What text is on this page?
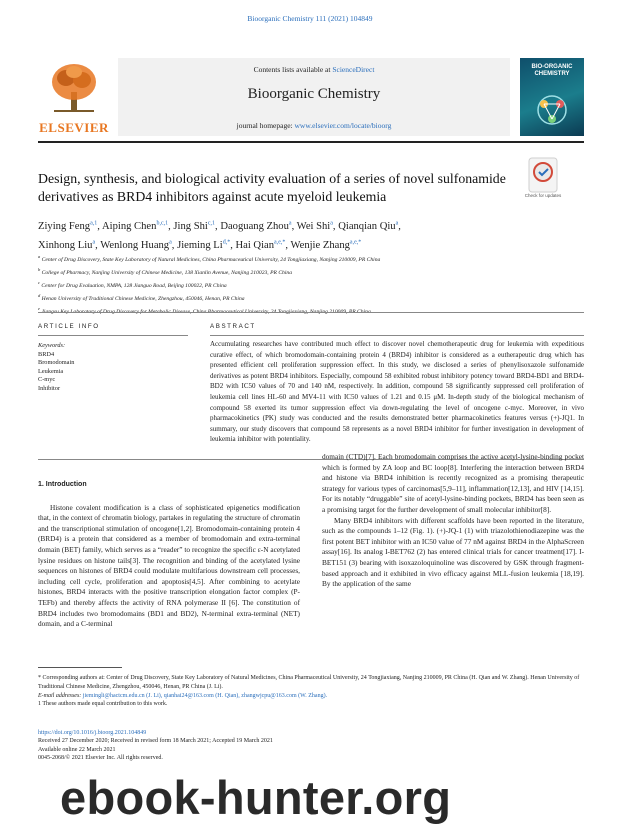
Bioorganic Chemistry 111 (2021) 104849
ELSEVIER
Contents lists available at ScienceDirect
Bioorganic Chemistry
journal homepage: www.elsevier.com/locate/bioorg
BIO-ORGANIC CHEMISTRY
Design, synthesis, and biological activity evaluation of a series of novel sulfonamide derivatives as BRD4 inhibitors against acute myeloid leukemia	Check for updates
Ziying Feng$^{a,1}$, Aiping Chen$^{b,c,1}$, Jing Shi$^{c,1}$, Daoguang Zhou$^a$, Wei Shi$^a$, Qianqian Qiu$^a$,
Xinhong Liu$^a$, Wenlong Huang$^a$, Jieming $Li^{d,*}$, Hai Qian$^{a,e,*}$, Wenjie Zhang$^{a,e,*}$
$^a$ Center of Drug Discovery, State Key Laboratory of Natural Medicines, China Pharmaceutical University, 24 Tongjiaxiang, Nanjing 210009, PR China
$^b$ College of Pharmacy, Nanjing University of Chinese Medicine, 138 Xianlin Avenue, Nanjing 210023, PR China
$^c$ Center for Drug Evaluation, NMPA, 128 Jianguo Road, Beijing 100022, PR China
$^d$ Henan University of Traditional Chinese Medicine, Zhengzhou, 450046, Henan, PR China
$^e$
ARTICLE INFO	ABSTRACT
Keywords:
BRD4
Bromodomain
Leukemia
C-myc
Inhibitor

Accumulating researches have contributed much effect to discover novel chemotherapeutic drug for leukemia with expeditious curative effect, of which bromodomain-containing protein 4 (BRD4) inhibitor is considered as a eutherapeutic drug which has presented efficient cell proliferation suppression effect. In this study, we disclosed a series of phenylisoxazole sulfonamide derivatives as potent BRD4 inhibitors. Especially, compound 58 exhibited robust inhibitory potency toward BRD4-BD1 and BRD4-BD2 with IC50 values of 70 and 140 nM, respectively. In addition, compound 58 significantly suppressed cell proliferation of leukemia cell lines HL-60 and MV4-11 with IC50 values of 1.21 and 0.15 μM. In-depth study of the biological mechanism of compound 58 exerted its tumor suppression effect via down-regulating the level of oncogene c-myc. Moreover, in vivo pharmacokinetics (PK) study was conducted and the results demonstrated better pharmacokinetics features versus (+)-JQ1. In summary, our study discovers that compound 58 represents as a novel BRD4 inhibitor for further investigation in development of leukemia inhibitor with potentiality.

1. Introduction

Histone covalent modification is a class of sophisticated epigenetics modification that, in the context of chromatin biology, partakes in regulating the structure of chromatin and the transcriptional stimulation of oncogene[1,2]. Bromodomain-containing protein 4 (BRD4) is a protein that considered as a member of bromodomain and extra-terminal domain (BET) family, which serves as a “reader” to recognize the specific ε-N acetylated lysine residues on histone tails[3]. The recognition and binding of the acetylated lysine sequences on histones of BRD4 could modulate multifarious downstream cell processes, including cell cycle, proliferation and apoptosis[4,5]. After combining to acetylate histones, BRD4 interacts with the positive transcription elongation factor complex (P-TEFb) and thereby affects the activity of RNA polymerase II [6]. The constitution of BRD4 includes two bromodomains (BD1 and BD2), N-terminal extra-terminal (NET) domain, and a C-terminal

domain (CTD)[7]. Each bromodomain comprises the active acetyl-lysine-binding pocket which is formed by ZA loop and BC loop[8]. Interfering the interaction between BRD4 and histone via BRD4 inhibition is recently recognized as a promising therapeutic strategy for various types of carcinomas[5,9–11], inflammation[12,13], and HIV [14,15]. For its notably “druggable” site of acetyl-lysine-binding pockets, BRD4 has been seen as a promising target for the further development of small molecular inhibitor[8].

Many BRD4 inhibitors with different scaffolds have been reported in the literature, such as the compounds 1–12 (Fig. 1). (+)-JQ-1 (1) with triazolothienodiazepine was the first potent BET inhibitor with an IC50 value of 77 nM against BRD4 in the AlphaScreen assay[16]. Its analog I-BET762 (2) has entered clinical trials for cancer treatment[17]. I-BET151 (3) bearing with isoxazoloquinoline was discovered by GSK through fragment-based approach and it exhibited in vivo efficacy against MLL-fusion leukemia [18,19]. By the application of the same

* Corresponding authors at: Center of Drug Discovery, State Key Laboratory of Natural Medicines, China Pharmaceutical University, 24 Tongjiaxiang, Nanjing 210009, PR China (H. Qian and W. Zhang). Henan University of Traditional Chinese Medicine, Zhengzhou, 450046, Henan, PR China (J. Li).
E-mail addresses: jiemingli@hactcm.edu.cn (J. Li), qianhai24@163.com (H. Qian), zhangwjcpu@163.com (W. Zhang).
1 These authors made equal contribution to this work.
https://doi.org/10.1016/j.bioorg.2021.104849
Received 27 December 2020; Received in revised form 18 March 2021; Accepted 19 March 2021
Available online 22 March 2021
0045-2068/© 2021 Elsevier Inc. All rights reserved.
ebook-hunter.org
